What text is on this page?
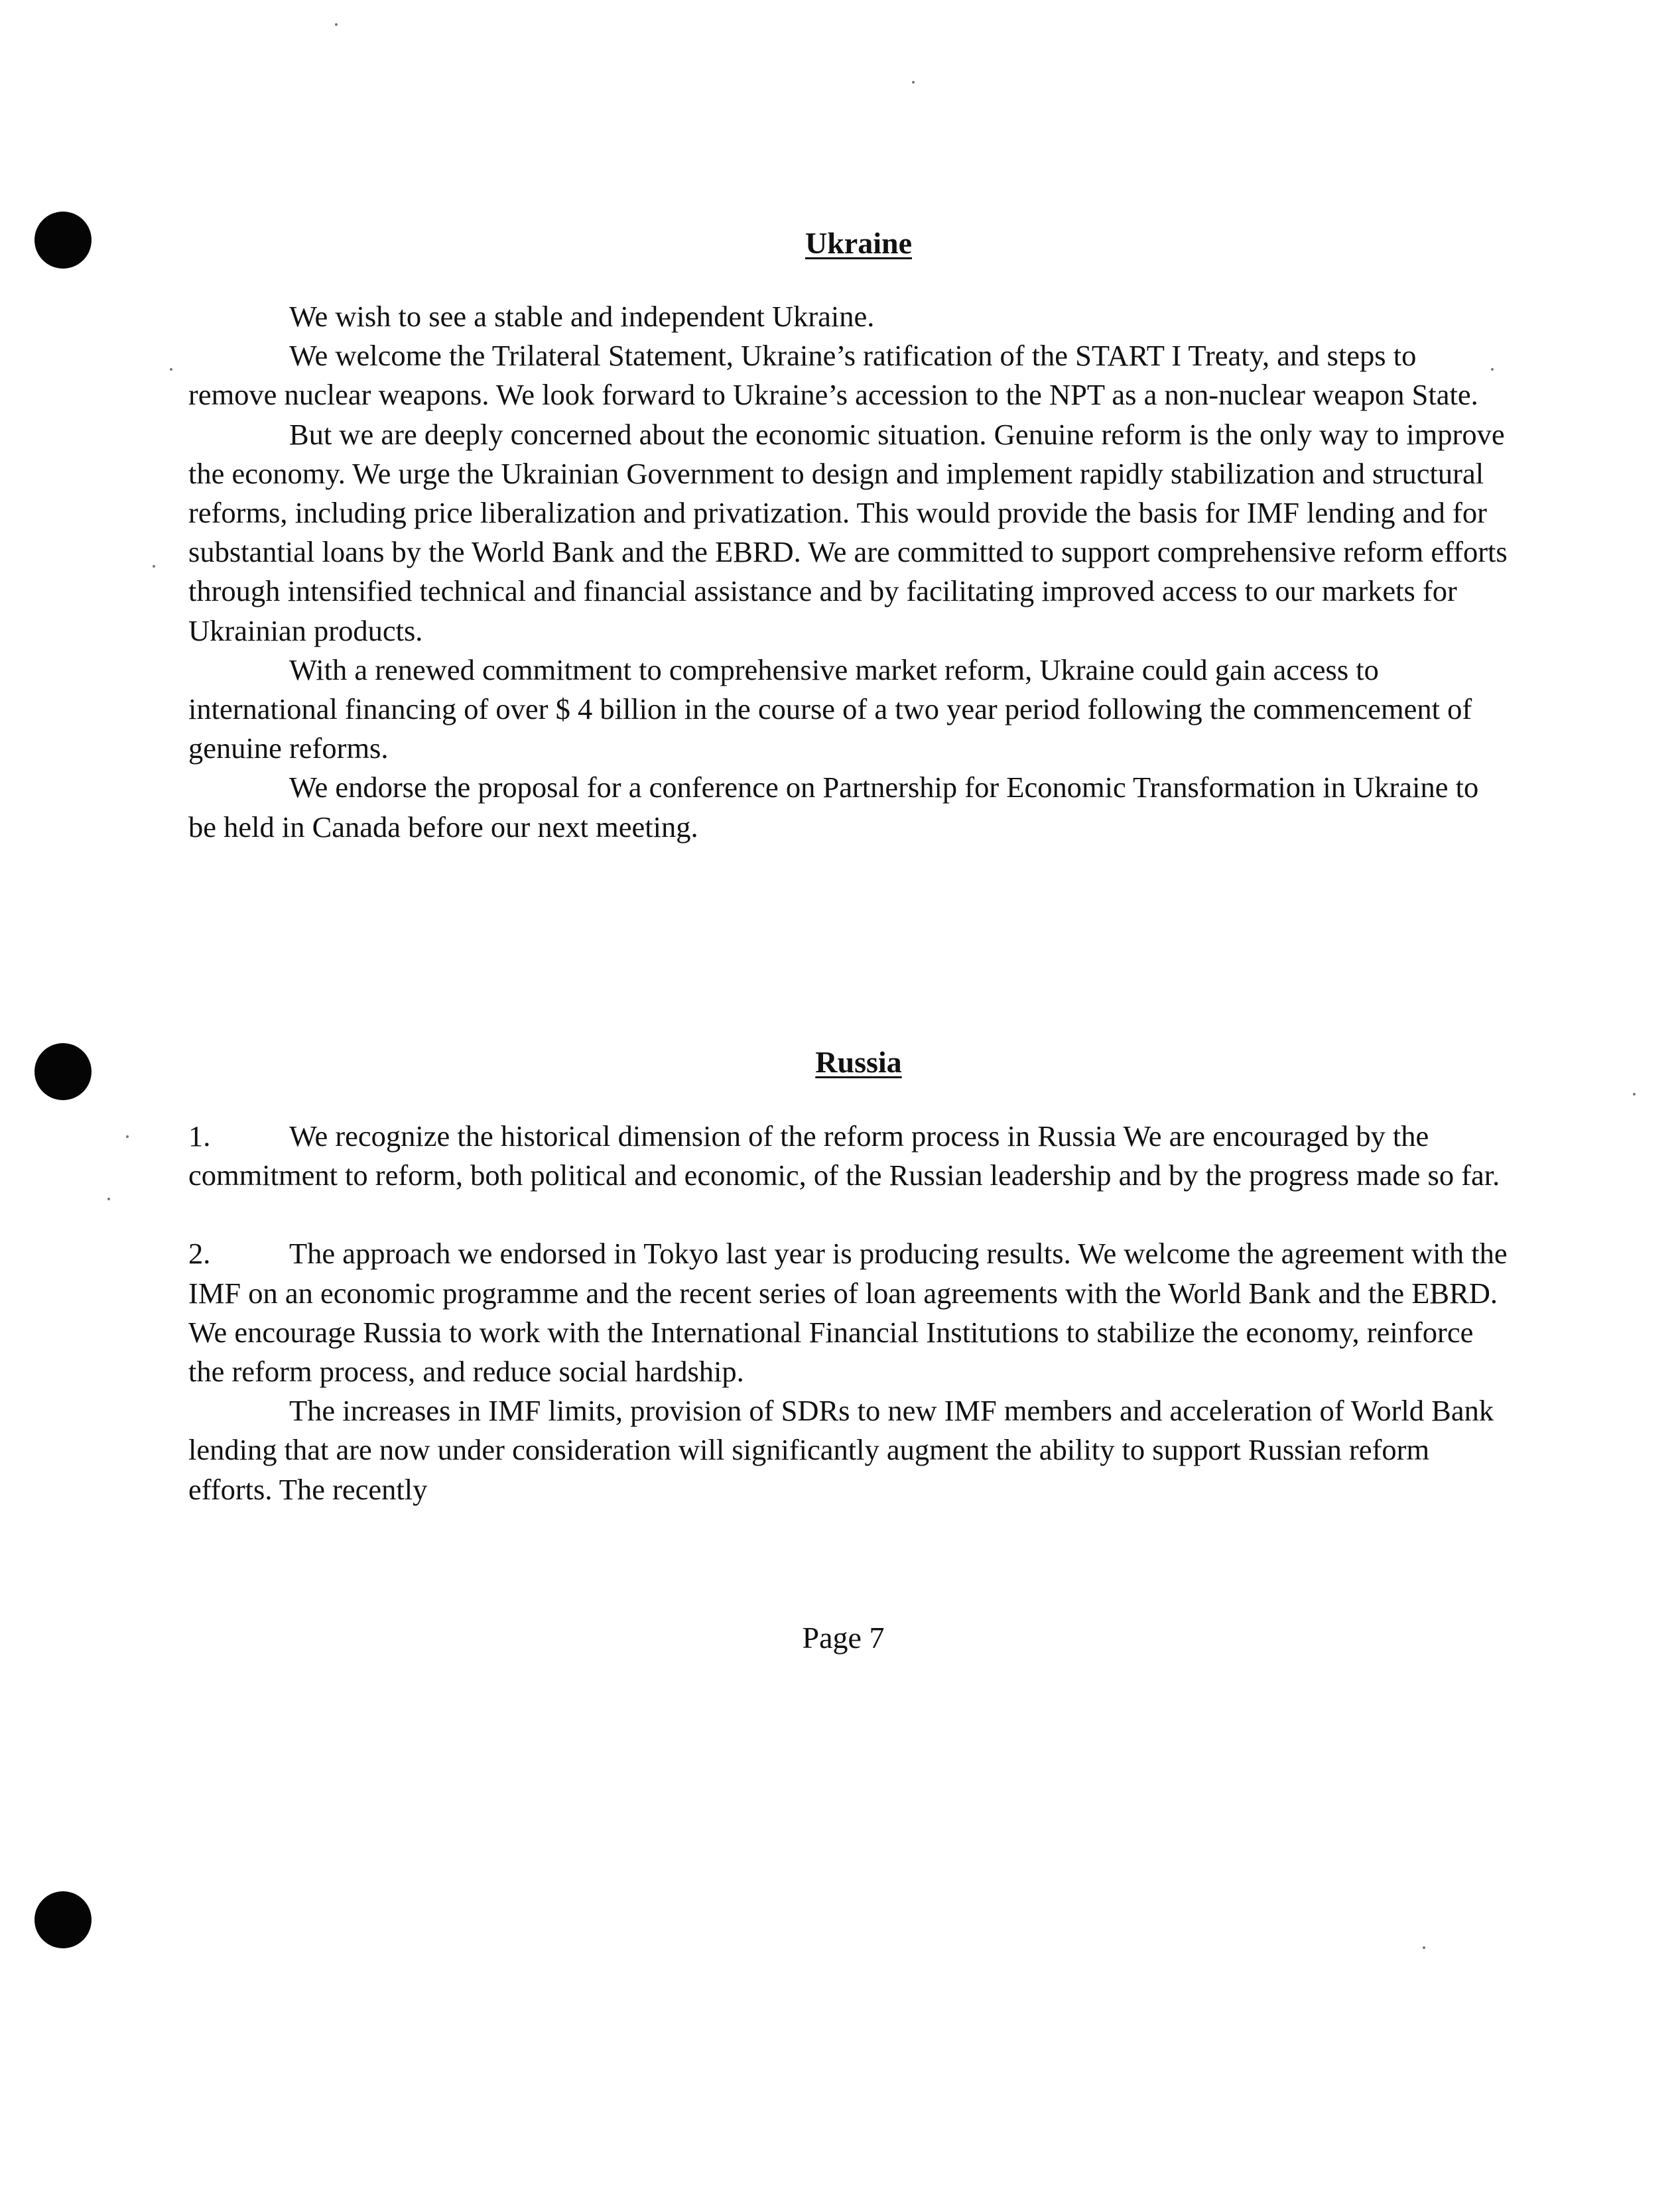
Ukraine

We wish to see a stable and independent Ukraine.

We welcome the Trilateral Statement, Ukraine’s ratification of the START I Treaty, and steps to remove nuclear weapons. We look forward to Ukraine’s accession to the NPT as a non-nuclear weapon State.

But we are deeply concerned about the economic situation. Genuine reform is the only way to improve the economy. We urge the Ukrainian Government to design and implement rapidly stabilization and structural reforms, including price liberalization and privatization. This would provide the basis for IMF lending and for substantial loans by the World Bank and the EBRD. We are committed to support comprehensive reform efforts through intensified technical and financial assistance and by facilitating improved access to our markets for Ukrainian products.

With a renewed commitment to comprehensive market reform, Ukraine could gain access to international financing of over $ 4 billion in the course of a two year period following the commencement of genuine reforms.

We endorse the proposal for a conference on Partnership for Economic Transformation in Ukraine to be held in Canada before our next meeting.

Russia

1.	We recognize the historical dimension of the reform process in Russia We are encouraged by the commitment to reform, both political and economic, of the Russian leadership and by the progress made so far.

2.	The approach we endorsed in Tokyo last year is producing results. We welcome the agreement with the IMF on an economic programme and the recent series of loan agreements with the World Bank and the EBRD. We encourage Russia to work with the International Financial Institutions to stabilize the economy, reinforce the reform process, and reduce social hardship.

The increases in IMF limits, provision of SDRs to new IMF members and acceleration of World Bank lending that are now under consideration will significantly augment the ability to support Russian reform efforts. The recently

Page 7
